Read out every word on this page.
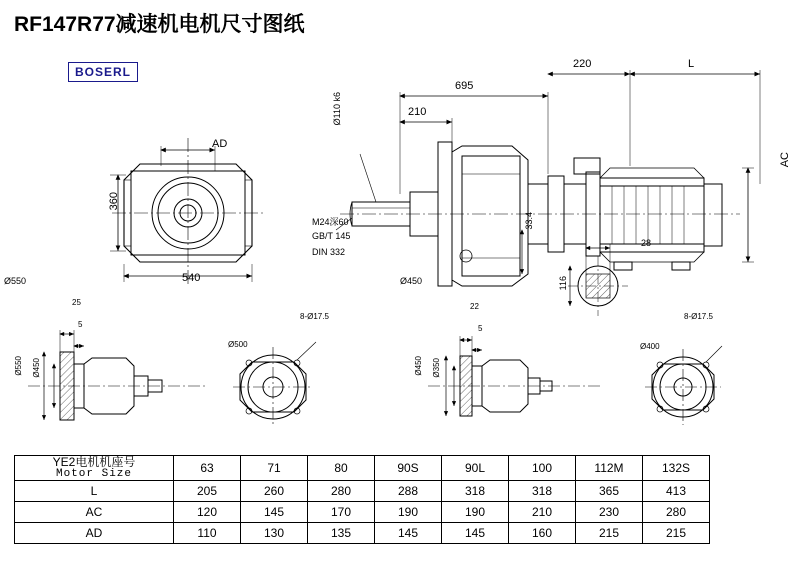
RF147R77减速机电机尺寸图纸
BOSERL
695
220	L
210
AD
360
540
AC
28
116
33.4
Ø110 k6
M24深60
GB/T 145
DIN 332
Ø550	Ø450
25
5
Ø550 Ø450
Ø500
8-Ø17.5
22
5
Ø450 Ø350
Ø400
8-Ø17.5
YE2电机机座号
Motor Size	63	71	80	90S	90L	100	112M	132S
L	205	260	280	288	318	318	365	413
AC	120	145	170	190	190	210	230	280
AD	110	130	135	145	145	160	215	215
